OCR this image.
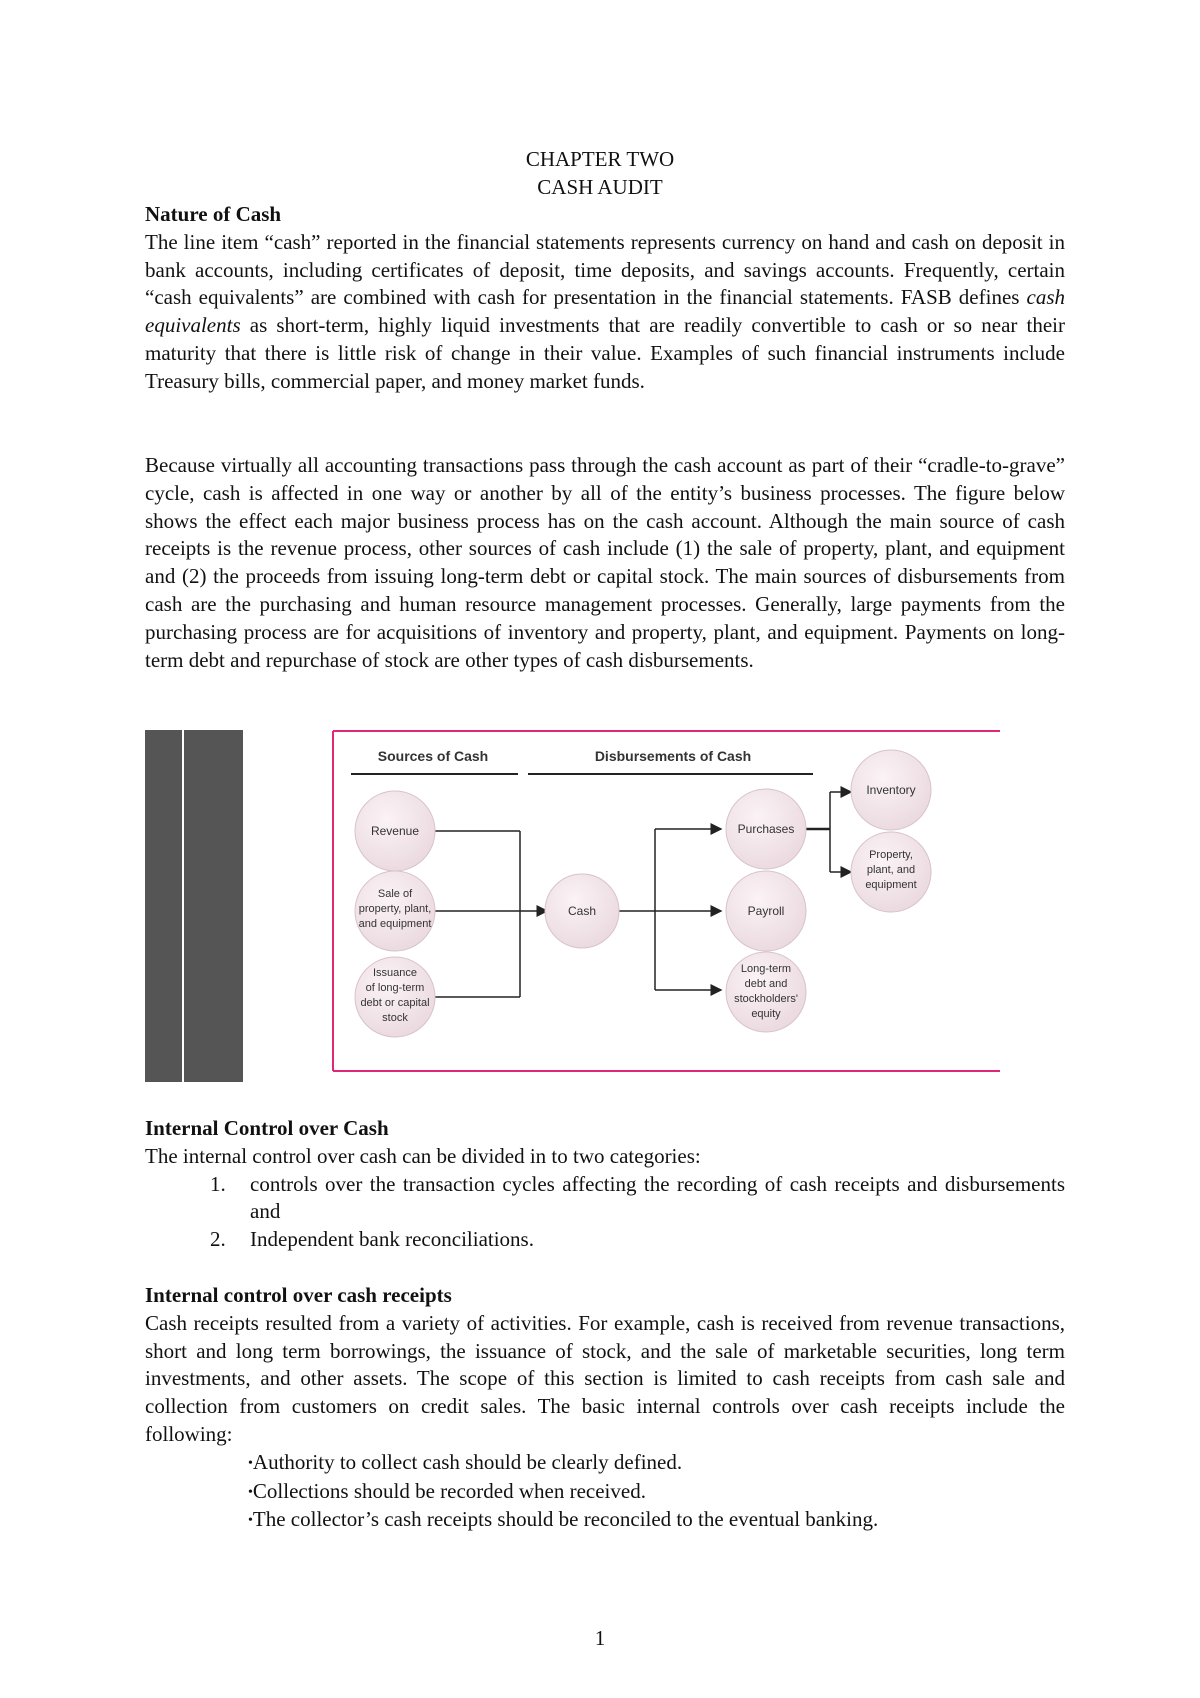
CHAPTER TWO
CASH AUDIT
Nature of Cash

The line item “cash” reported in the financial statements represents currency on hand and cash on deposit in bank accounts, including certificates of deposit, time deposits, and savings accounts. Frequently, certain “cash equivalents” are combined with cash for presentation in the financial statements. FASB defines cash equivalents as short-term, highly liquid investments that are readily convertible to cash or so near their maturity that there is little risk of change in their value. Examples of such financial instruments include Treasury bills, commercial paper, and money market funds.

Because virtually all accounting transactions pass through the cash account as part of their “cradle-to-grave” cycle, cash is affected in one way or another by all of the entity’s business processes. The figure below shows the effect each major business process has on the cash account. Although the main source of cash receipts is the revenue process, other sources of cash include (1) the sale of property, plant, and equipment and (2) the proceeds from issuing long-term debt or capital stock. The main sources of disbursements from cash are the purchasing and human resource management processes. Generally, large payments from the purchasing process are for acquisitions of inventory and property, plant, and equipment. Payments on long-term debt and repurchase of stock are other types of cash disbursements.

Sources of Cash	Disbursements of Cash
Revenue
Sale of
property, plant,
and equipment
Issuance
of long-term
debt or capital
stock
Cash
Purchases
Payroll
Long-term
debt and
stockholders'
equity
Inventory
Property,
plant, and
equipment
Internal Control over Cash
The internal control over cash can be divided in to two categories:
1. controls over the transaction cycles affecting the recording of cash receipts and disbursements and
2. Independent bank reconciliations.
Internal control over cash receipts

Cash receipts resulted from a variety of activities. For example, cash is received from revenue transactions, short and long term borrowings, the issuance of stock, and the sale of marketable securities, long term investments, and other assets. The scope of this section is limited to cash receipts from cash sale and collection from customers on credit sales. The basic internal controls over cash receipts include the following:

•Authority to collect cash should be clearly defined.
•Collections should be recorded when received.
•The collector’s cash receipts should be reconciled to the eventual banking.
1
